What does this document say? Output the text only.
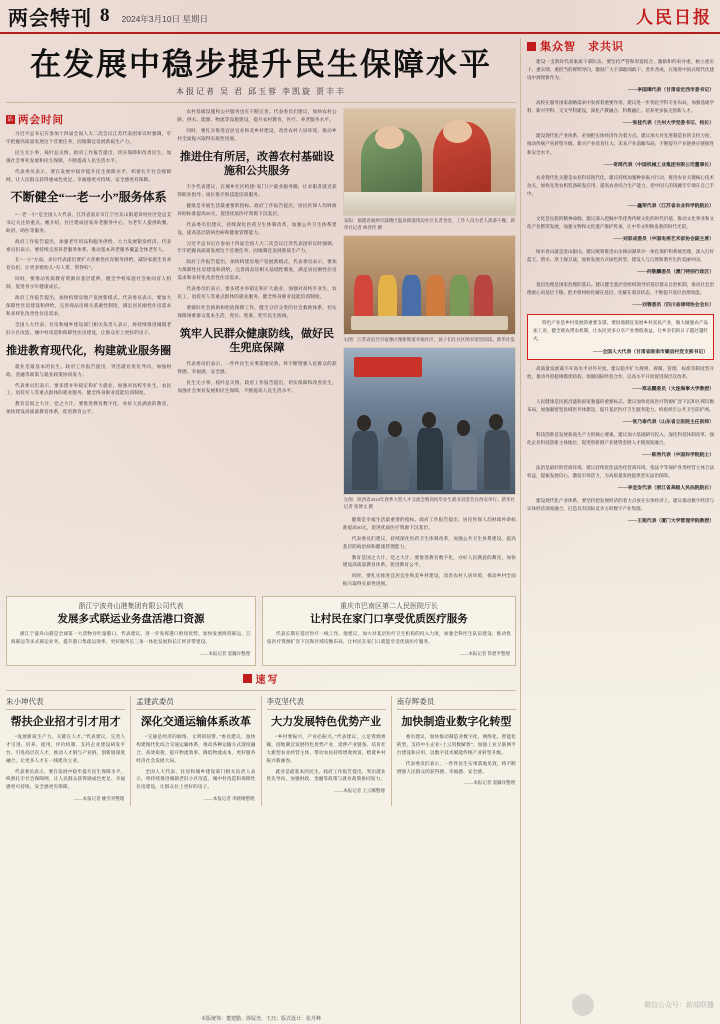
两会特刊 8 2024年3月10日 星期日	人民日报
在发展中稳步提升民生保障水平
本报记者 吴 君 邱玉蓉 李凯旋 贾丰丰
话
两会时间

习近平总书记在参加十四届全国人大二次会议江苏代表团审议时强调，牢牢把握高质量发展这个首要任务，因地制宜发展新质生产力。

民生无小事，枝叶总关情。政府工作报告提出，切实保障和改善民生，加强社会事业发展和民生保障，不断提高人民生活水平。

代表委员表示，要在发展中稳步提升民生保障水平，织密扎牢社会保障网，让人民群众获得感成色更足、幸福感更可持续、安全感更有保障。

不断健全“一老一小”服务体系

“一老一小”是全国人大代表、江苏省南京市江宁区东山街道章村社区党总支书记关注的重点。她介绍，社区建成居家养老服务中心，为老年人提供助餐、助浴、助医等服务。

政府工作报告提出，加强老年用品和服务供给，大力发展银发经济。代表委员们表示，要持续完善养老服务体系，推动基本养老服务覆盖全体老年人。

在“一小”方面，多位代表提出要扩大普惠性托育服务供给，减轻家庭生育养育负担，让更多婴幼儿“有人带、带得好”。

同时，要推动优质教育资源向基层延伸，健全学校家庭社会协同育人机制，促进青少年健康成长。

政府工作报告提出，加快构建房地产发展新模式。代表委员表示，要加大保障性住房建设和供给，完善商品房相关基础性制度，满足居民刚性住房需求和多样化改善性住房需求。

全国人大代表、住房和城乡建设部门相关负责人表示，将持续推进城镇老旧小区改造、城中村改造和保障性住房建设，让群众住上更好的房子。

推进教育现代化，构建就业服务圈

就业是最基本的民生。政府工作报告提出，突出就业优先导向，加强财政、金融等政策与就业政策协同发力。

代表委员们表示，要多措并举稳定和扩大就业，加强对高校毕业生、农民工、退役军人等重点群体的就业服务，健全终身职业技能培训制度。

教育是国之大计、党之大计。要推进教育数字化，办好人民满意的教育，加快建设高质量教育体系，促进教育公平。

农村基础设施和公共服务也在不断完善。代表委员们建议，加快农村公路、供水、能源、物流等设施建设，提升农村教育、医疗、养老服务水平。

同时，要扎实推进宜居宜业和美乡村建设，改善农村人居环境，推动乡村全面振兴取得实质性进展。

推进住有所居，改善农村基础设施和公共服务

不少代表建议，在城乡社区构建“家门口”就业服务圈，让求职者就近获得职业指导、岗位推介和技能培训服务。

健康是幸福生活最重要的指标。政府工作报告提出，居民医保人均财政补助标准提高30元，促进优质医疗资源下沉基层。

代表委员们建议，持续深化医药卫生体制改革，加强公共卫生体系建设，提高基层防病治病和健康管理能力。

习近平总书记在参加十四届全国人大二次会议江苏代表团审议时强调，牢牢把握高质量发展这个首要任务，因地制宜发展新质生产力。

政府工作报告提出，加快构建房地产发展新模式。代表委员表示，要加大保障性住房建设和供给，完善商品房相关基础性制度，满足居民刚性住房需求和多样化改善性住房需求。

代表委员们表示，要多措并举稳定和扩大就业，加强对高校毕业生、农民工、退役军人等重点群体的就业服务，健全终身职业技能培训制度。

要做好社会救助和兜底保障工作，健全分层分类的社会救助体系，切实保障困难群众基本生活，兜住、兜准、兜牢民生底线。

筑牢人民群众健康防线，做好民生兜底保障

代表委员们表示，一件件民生实事落地见效，将不断增强人民群众的获得感、幸福感、安全感。

民生无小事，枝叶总关情。政府工作报告提出，切实保障和改善民生，加强社会事业发展和民生保障，不断提高人民生活水平。

安阳：福建省福州市鼓楼区温泉街道汤边社区长者食堂，工作人员为老人准备午餐。新华社记者 林善传 摄
右图：江苏省宿迁市宿豫区豫新街道幸福社区，孩子们在社区图书馆里阅读。新华社发
左图：陕西省2024年春季大型人才交流会暨高校毕业生就业双选会在西安举行。新华社记者 张博文 摄

健康是幸福生活最重要的指标。政府工作报告提出，居民医保人均财政补助标准提高30元，促进优质医疗资源下沉基层。

代表委员们建议，持续深化医药卫生体制改革，加强公共卫生体系建设，提高基层防病治病和健康管理能力。

教育是国之大计、党之大计。要推进教育数字化，办好人民满意的教育，加快建设高质量教育体系，促进教育公平。

同时，要扎实推进宜居宜业和美乡村建设，改善农村人居环境，推动乡村全面振兴取得实质性进展。

浙江宁波舟山港集团有限公司代表
发展多式联运业务盘活港口资源

浙江宁波舟山港是全球第一大货物吞吐量港口。代表建议，进一步发挥港口枢纽优势，加快发展海铁联运、江海联运等多式联运业务，提升港口集疏运效率，更好服务长三角一体化发展和长江经济带建设。

——本报记者 窦瀚洋整理
重庆市巴南区第二人民医院厅长
让村民在家门口享受优质医疗服务

代表长期在基层医疗一线工作。他建议，加大对基层医疗卫生机构的投入力度，加强全科医生队伍建设，推动优质医疗资源扩容下沉和区域均衡布局，让村民在家门口就能享受优质医疗服务。

——本报记者 常碧罗整理
速写
朱小坤代表
帮扶企业招才引才用才

“发展新质生产力，关键在人才。”代表建议，完善人才引进、培养、使用、评价机制，支持企业建设研发平台、引进高层次人才，推动人才链与产业链、创新链深度融合，让更多人才在一线建功立业。

代表委员表示，要在发展中稳步提升民生保障水平，织密扎牢社会保障网，让人民群众获得感成色更足、幸福感更可持续、安全感更有保障。

——本报记者 姚雪青整理
孟建武委员
深化交通运输体系改革

“交通是经济的脉络、文明的纽带。”委员建议，加快构建现代化综合交通运输体系，推动各种运输方式深度融合、高效衔接，提升物流效率、降低物流成本，更好服务经济社会发展大局。

全国人大代表、住房和城乡建设部门相关负责人表示，将持续推进城镇老旧小区改造、城中村改造和保障性住房建设，让群众住上更好的房子。

——本报记者 李晓晴整理
李克坚代表
大力发展特色优势产业

“乡村要振兴，产业必振兴。”代表建议，立足资源禀赋，因地制宜发展特色优势产业，延伸产业链条，培育壮大新型农业经营主体，带动农民持续增收致富，绘就乡村振兴新画卷。

就业是最基本的民生。政府工作报告提出，突出就业优先导向，加强财政、金融等政策与就业政策协同发力。

——本报记者 王云娜整理
南存辉委员
加快制造业数字化转型

委员建议，加快推动制造业数字化、网络化、智能化转型，支持中小企业“上云用数赋智”，加强工业互联网平台建设和应用，以数字技术赋能传统产业转型升级。

代表委员们表示，一件件民生实事落地见效，将不断增强人民群众的获得感、幸福感、安全感。

——本报记者 窦瀚洋整理
本版统筹：董建勤、徐驭尧、王珏；版式设计：张丹峰
集众智　求共识

建设一支新时代高素质干部队伍，要坚持严管和厚爱结合、激励和约束并重，树立重实干、重实绩、重担当的鲜明导向，激励广大干部敢闯敢干、善作善成，在推进中国式现代化建设中展现新作为。

——李国璋代表（甘肃省定西市委书记）

高校在服务国家战略需求中发挥着重要作用。建议进一步优化学科专业布局，加强基础学科、新兴学科、交叉学科建设，深化产教融合、科教融汇，培养更多拔尖创新人才。

——张桂代表（兰州大学党委书记、校长）

建设现代化产业体系，必须把实体经济作为着力点。建议加大对先进制造业的支持力度，推动传统产业转型升级、新兴产业培育壮大、未来产业前瞻布局，不断提升产业链供应链韧性和安全水平。

——奇鸿代表（中国机械工业集团有限公司董事长）

农业现代化关键是农业科技现代化。建议持续加强种业振兴行动，推进农业关键核心技术攻关，加快先进农机装备研发应用，提高农业综合生产能力，把中国人的饭碗牢牢端在自己手中。

——鑫荣代表（江苏省农业科学院院长）

文化是民族的精神命脉。建议深入挖掘中华优秀传统文化的时代价值，推动文化事业和文化产业繁荣发展，加强文物和文化遗产保护传承，让中华文明焕发新的时代光彩。

——刘家成委员（中国电视艺术家协会副主席）

绿水青山就是金山银山。建议统筹推进山水林田湖草沙一体化保护和系统治理，深入打好蓝天、碧水、净土保卫战，加快发展方式绿色转型，建设人与自然和谐共生的美丽中国。

——何敬麟委员（澳门特别行政区）

基层治理是国家治理的基石。建议健全基层党组织领导的基层群众自治机制，推动社会治理重心向基层下移，把矛盾纠纷化解在基层、化解在萌芽状态，不断提升基层治理效能。

——刘蓉委员（四川省律师协会会长）

特色产业是乡村发展的重要支撑。要因地制宜发展乡村富民产业，做大做强农产品加工业，健全联农带农机制，让农民更多分享产业增值收益，让乡亲们的日子越过越红火。

——全国人大代表（甘肃省陇南市徽县村党支部书记）

高质量发展离不开高水平对外开放。建议稳步扩大规则、规制、管理、标准等制度型开放，推动外贸稳规模优结构，加强国际经贸合作，以高水平开放促进深层次改革。

——郑志鹏委员（大连海事大学教授）

人民健康是民族昌盛和国家强盛的重要标志。建议加快优质医疗资源扩容下沉和区域均衡布局，加强紧密型县域医共体建设，提升基层医疗卫生服务能力，织密织牢公共卫生防护网。

——张乃泰代表（山东省立医院主任医师）

科技创新是发展新质生产力的核心要素。建议加大基础研究投入，深化科技体制改革，强化企业科技创新主体地位，促进创新链产业链资金链人才链深度融合。

——陈秀代表（中国科学院院士）

法治是最好的营商环境。建议持续优化法治化营商环境，依法平等保护各类经营主体合法权益，提振发展信心，激发市场活力，为高质量发展提供坚实法治保障。

——李宜安代表（浙江省高级人民法院院长）

建设现代化产业体系，要坚持把发展经济的着力点放在实体经济上。建议推动数字经济与实体经济深度融合，打造具有国际竞争力的数字产业集群。

——王超代表（厦门大学管理学院教授）
微信公众号：新闻联播
